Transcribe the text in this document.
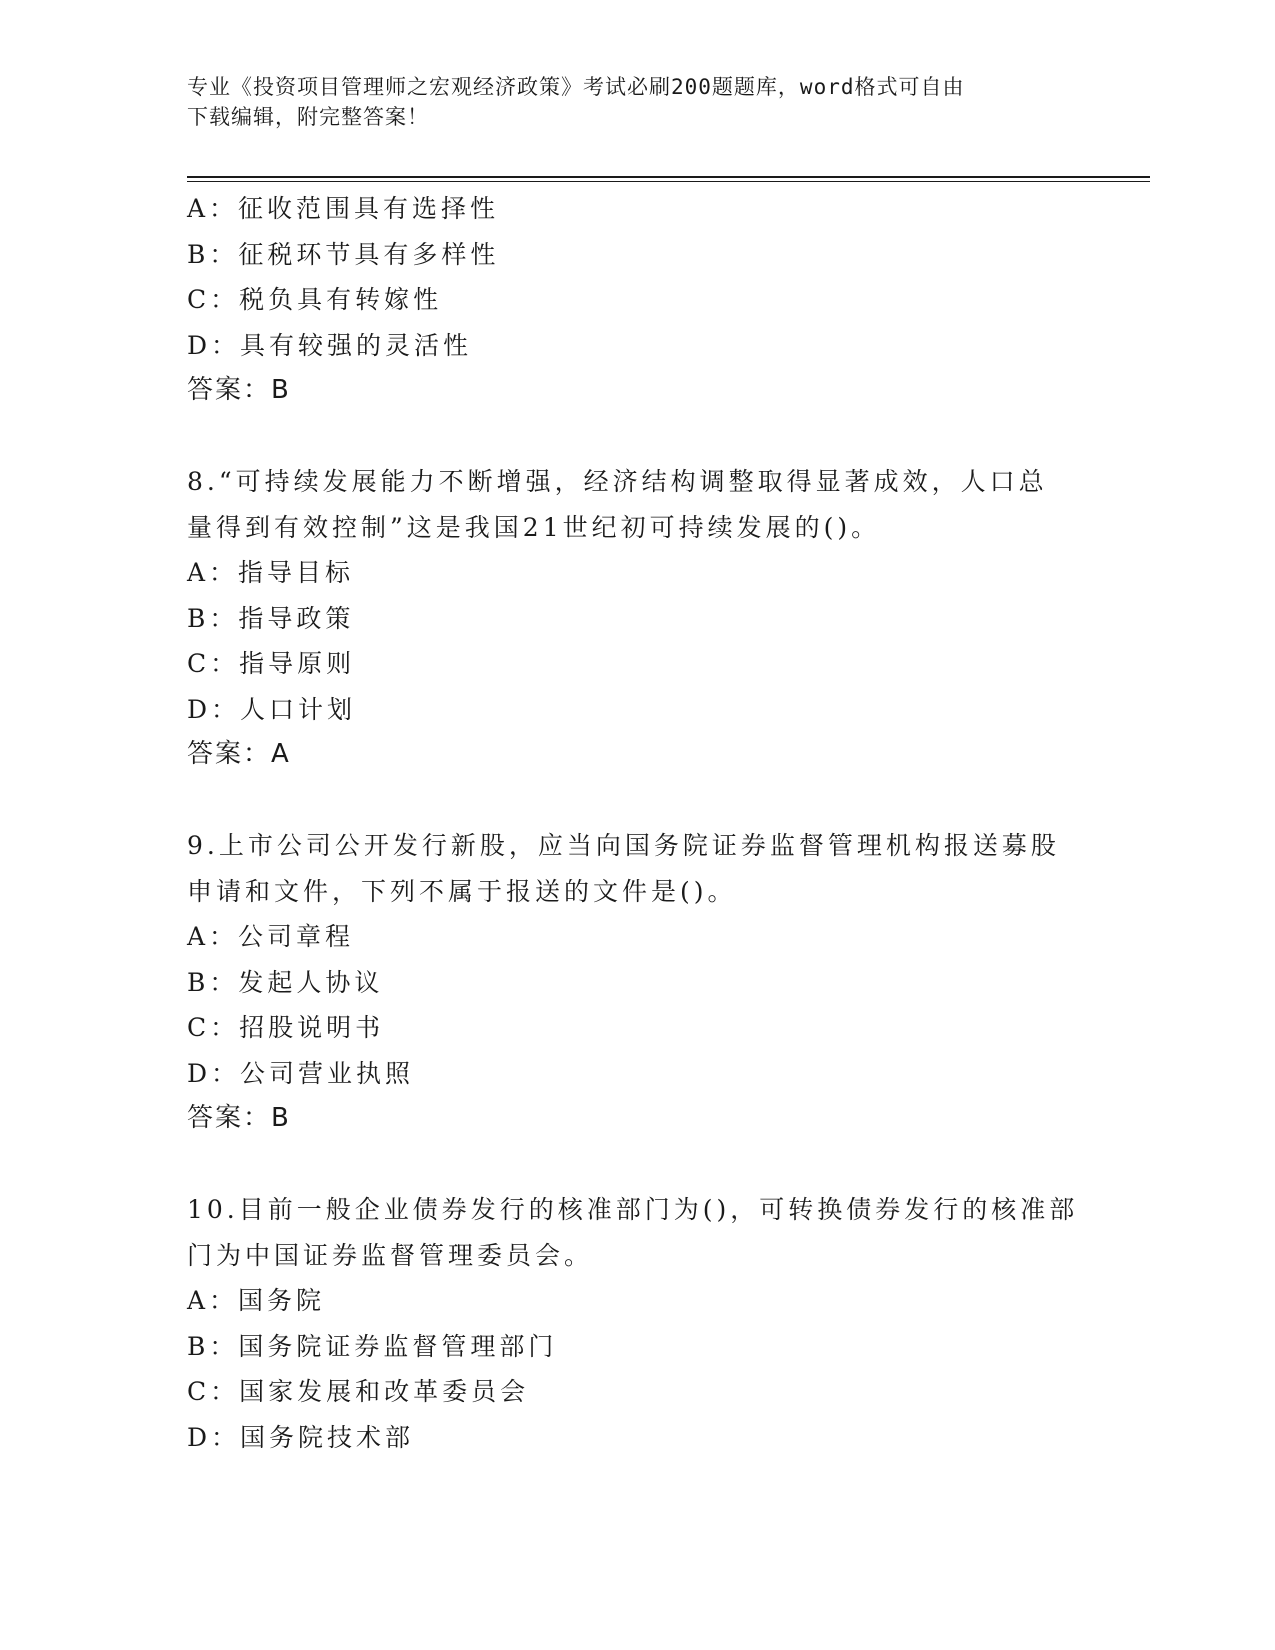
专业《投资项目管理师之宏观经济政策》考试必刷200题题库，word格式可自由
下载编辑，附完整答案！
A：征收范围具有选择性
B：征税环节具有多样性
C：税负具有转嫁性
D：具有较强的灵活性
答案：B
8.“可持续发展能力不断增强，经济结构调整取得显著成效，人口总
量得到有效控制”这是我国21世纪初可持续发展的()。
A：指导目标
B：指导政策
C：指导原则
D：人口计划
答案：A
9.上市公司公开发行新股，应当向国务院证券监督管理机构报送募股
申请和文件，下列不属于报送的文件是()。
A：公司章程
B：发起人协议
C：招股说明书
D：公司营业执照
答案：B
10.目前一般企业债券发行的核准部门为()，可转换债券发行的核准部
门为中国证券监督管理委员会。
A：国务院
B：国务院证券监督管理部门
C：国家发展和改革委员会
D：国务院技术部
